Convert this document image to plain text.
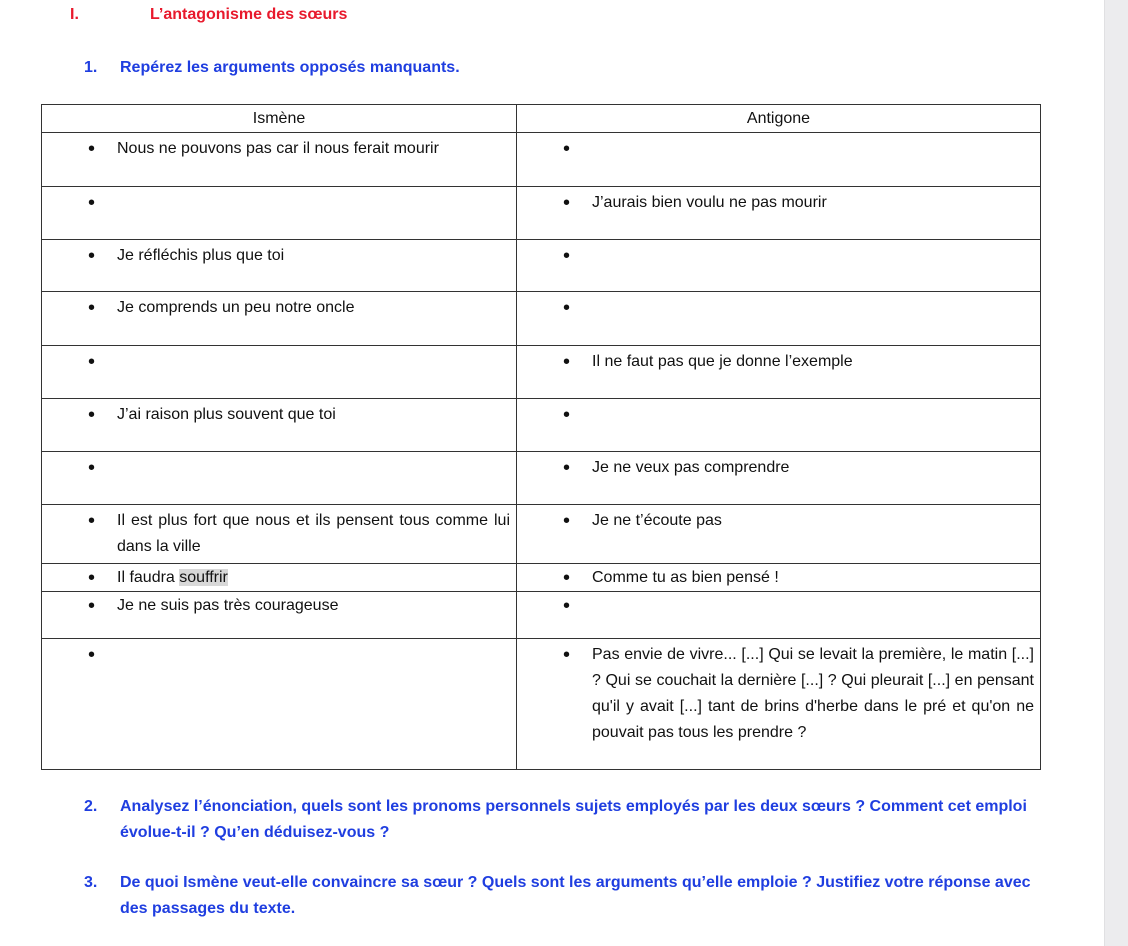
I.	L’antagonisme des sœurs
1. Repérez les arguments opposés manquants.
Ismène	Antigone

• Nous ne pouvons pas car il nous ferait mourir	•

•	• J’aurais bien voulu ne pas mourir

• Je réfléchis plus que toi	•

• Je comprends un peu notre oncle	•

•	• Il ne faut pas que je donne l’exemple

• J’ai raison plus souvent que toi	•

•	• Je ne veux pas comprendre

• Il est plus fort que nous et ils pensent tous comme lui dans la ville	• Je ne t’écoute pas

• Il faudra souffrir	• Comme tu as bien pensé !

• Je ne suis pas très courageuse	•

•	• Pas envie de vivre... [...] Qui se levait la première, le matin [...] ? Qui se couchait la dernière [...] ? Qui pleurait [...] en pensant qu'il y avait [...] tant de brins d'herbe dans le pré et qu'on ne pouvait pas tous les prendre ?
2. Analysez l’énonciation, quels sont les pronoms personnels sujets employés par les deux sœurs ? Comment cet emploi évolue-t-il ? Qu’en déduisez-vous ?
3. De quoi Ismène veut-elle convaincre sa sœur ? Quels sont les arguments qu’elle emploie ? Justifiez votre réponse avec des passages du texte.
